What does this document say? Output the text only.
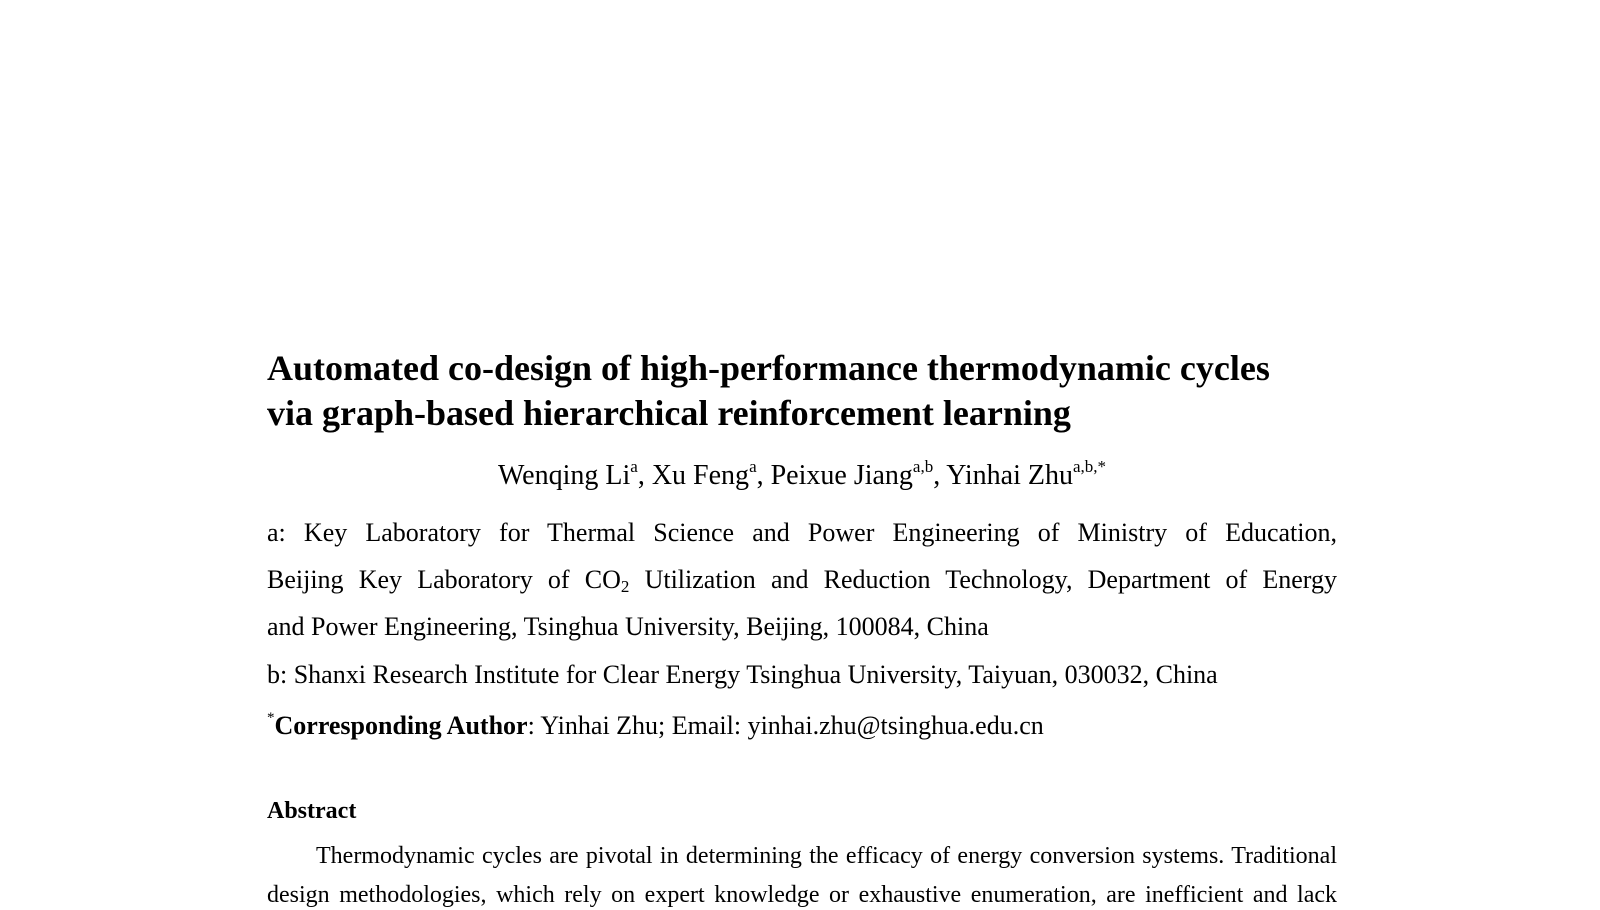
Automated co-design of high-performance thermodynamic cycles
via graph-based hierarchical reinforcement learning
Wenqing Li$^a$, Xu Feng$^a$, Peixue Jiang$^{a,b}$, Yinhai Zhu$^{a,b,*}$
a: Key Laboratory for Thermal Science and Power Engineering of Ministry of Education,
Beijing Key Laboratory of $CO_2$ Utilization and Reduction Technology, Department of Energy
and Power Engineering, Tsinghua University, Beijing, 100084, China
b: Shanxi Research Institute for Clear Energy Tsinghua University, Taiyuan, 030032, China
*Corresponding Author: Yinhai Zhu; Email: yinhai.zhu@tsinghua.edu.cn
Abstract
Thermodynamic cycles are pivotal in determining the efficacy of energy conversion systems. Traditional
design methodologies, which rely on expert knowledge or exhaustive enumeration, are inefficient and lack
